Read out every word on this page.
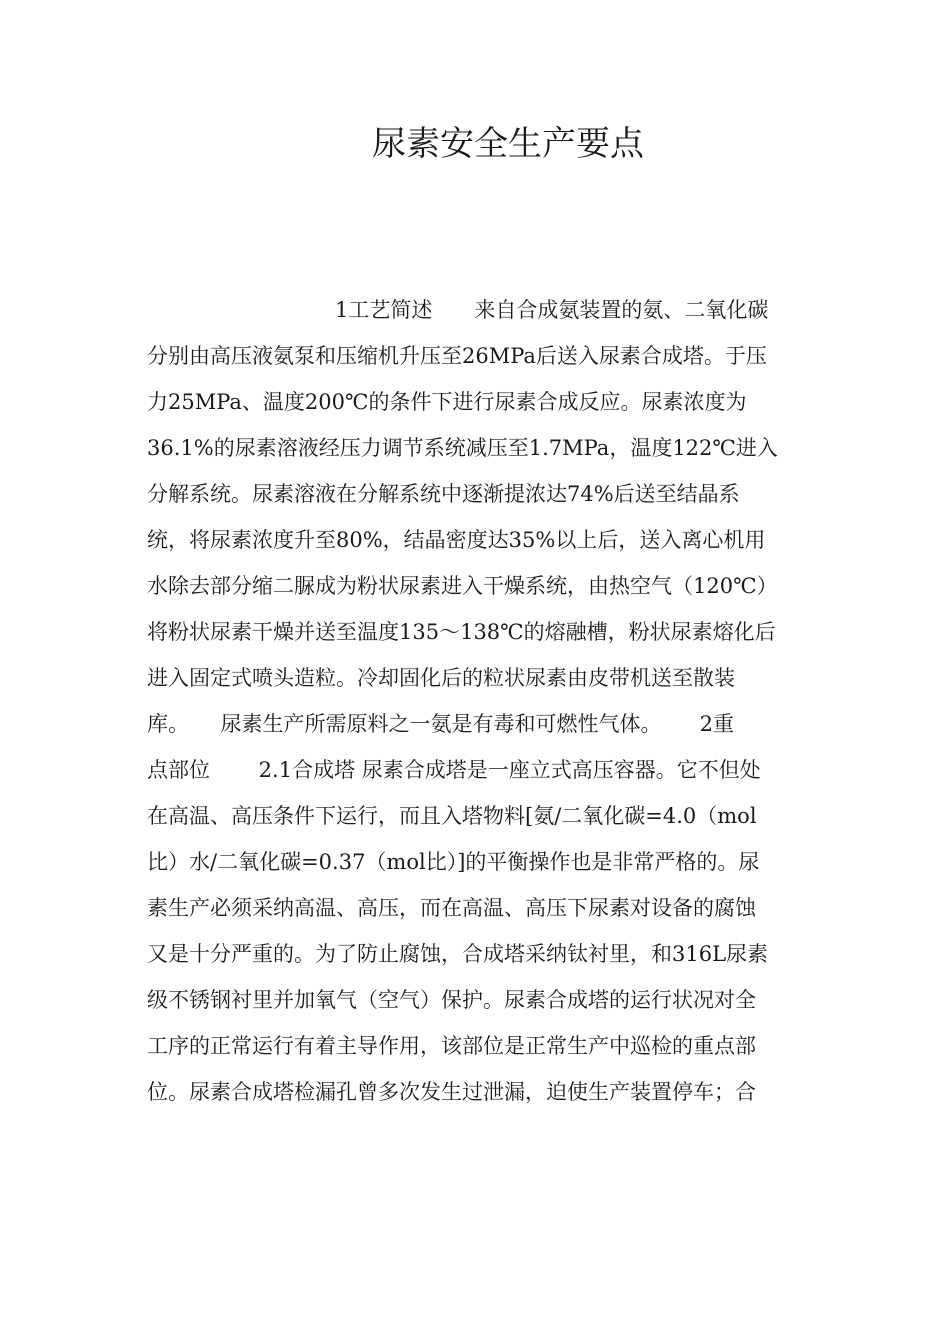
尿素安全生产要点

1工艺简述　　来自合成氨装置的氨、二氧化碳

分别由高压液氨泵和压缩机升压至26MPa后送入尿素合成塔。于压

力25MPa、温度200℃的条件下进行尿素合成反应。尿素浓度为

36.1%的尿素溶液经压力调节系统减压至1.7MPa，温度122℃进入

分解系统。尿素溶液在分解系统中逐渐提浓达74%后送至结晶系

统，将尿素浓度升至80%，结晶密度达35%以上后，送入离心机用

水除去部分缩二脲成为粉状尿素进入干燥系统，由热空气（120℃）

将粉状尿素干燥并送至温度135～138℃的熔融槽，粉状尿素熔化后

进入固定式喷头造粒。冷却固化后的粒状尿素由皮带机送至散装

库。　　尿素生产所需原料之一氨是有毒和可燃性气体。　　 2重

点部位　　 2.1合成塔 尿素合成塔是一座立式高压容器。它不但处

在高温、高压条件下运行，而且入塔物料[氨/二氧化碳=4.0（mol

比）水/二氧化碳=0.37（mol比）]的平衡操作也是非常严格的。尿

素生产必须采纳高温、高压，而在高温、高压下尿素对设备的腐蚀

又是十分严重的。为了防止腐蚀，合成塔采纳钛衬里，和316L尿素

级不锈钢衬里并加氧气（空气）保护。尿素合成塔的运行状况对全

工序的正常运行有着主导作用，该部位是正常生产中巡检的重点部

位。尿素合成塔检漏孔曾多次发生过泄漏，迫使生产装置停车；合
